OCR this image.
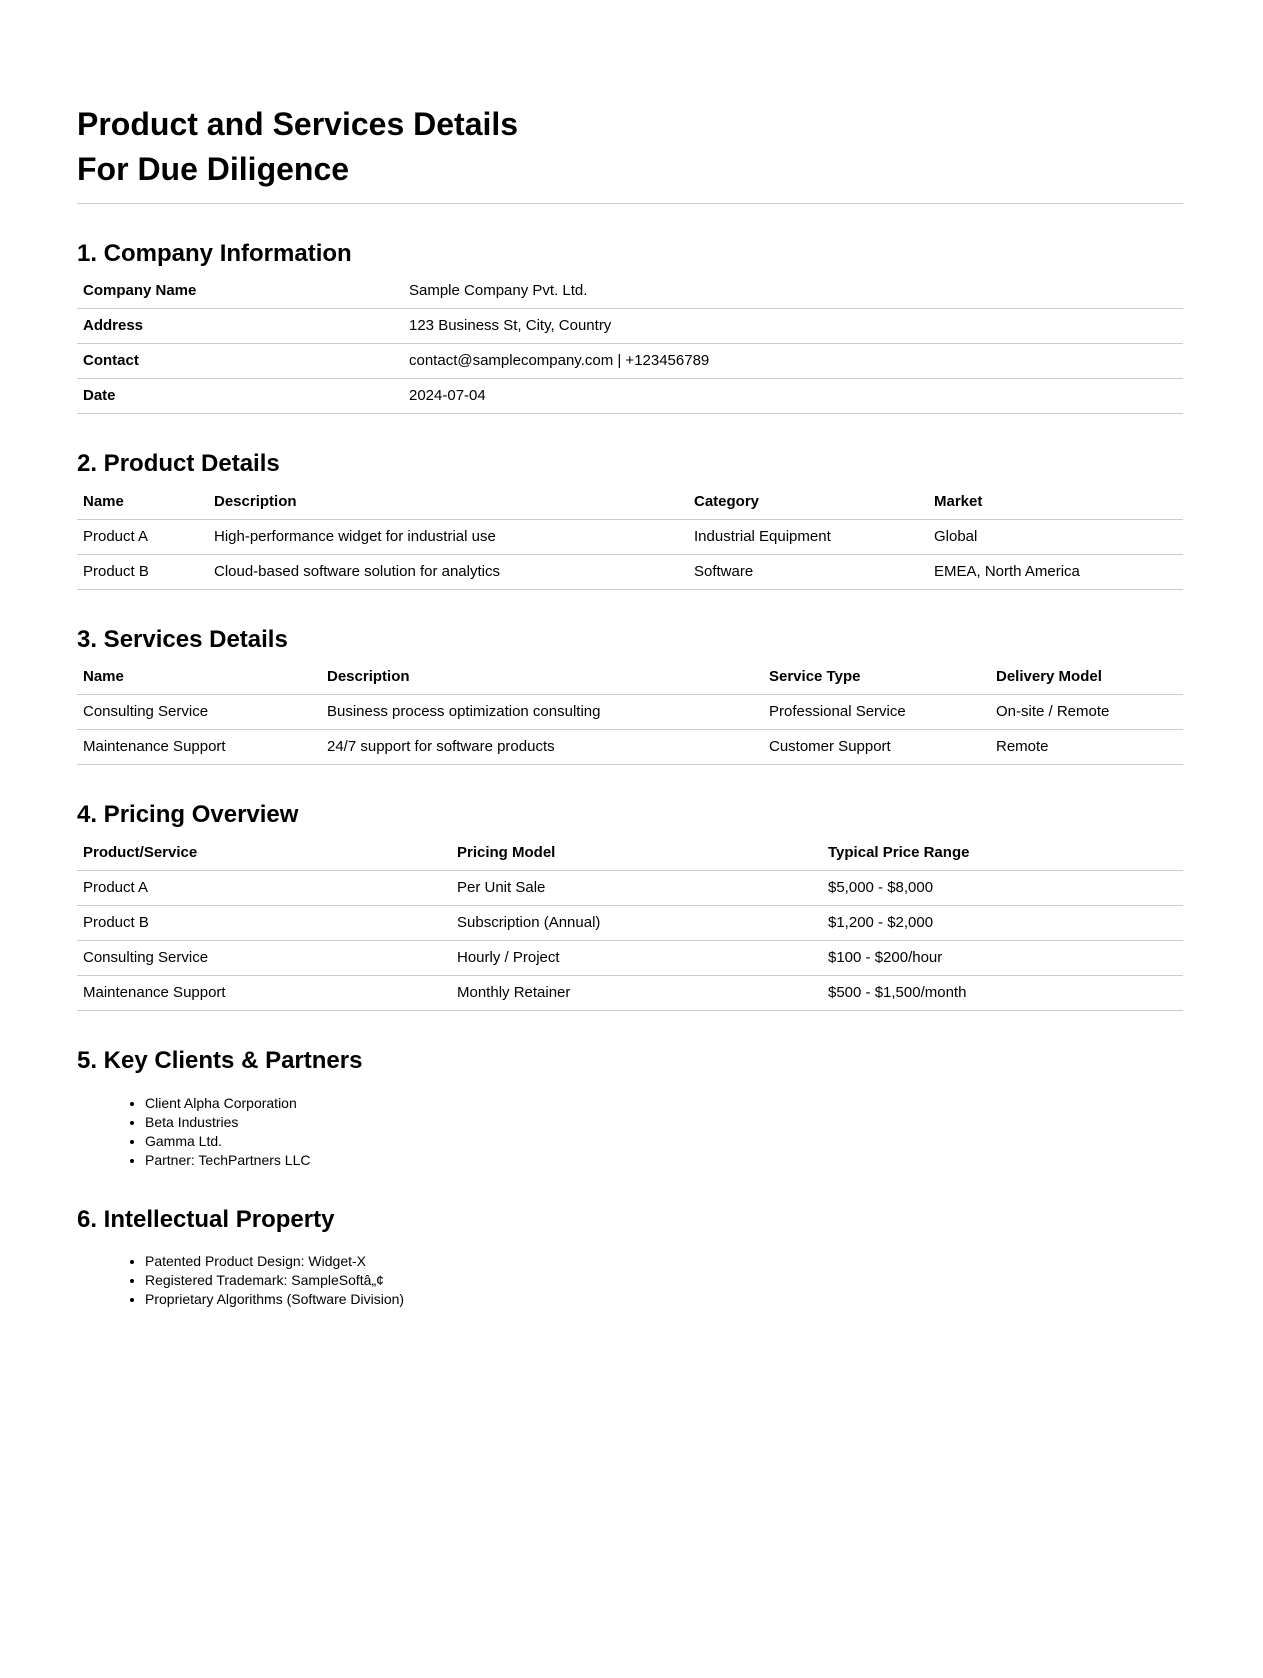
Product and Services Details
For Due Diligence
1. Company Information
Company Name	Sample Company Pvt. Ltd.
Address	123 Business St, City, Country
Contact	contact@samplecompany.com | +123456789
Date	2024-07-04
2. Product Details
Name	Description	Category	Market
Product A	High-performance widget for industrial use	Industrial Equipment	Global
Product B	Cloud-based software solution for analytics	Software	EMEA, North America
3. Services Details
Name	Description	Service Type	Delivery Model
Consulting Service	Business process optimization consulting	Professional Service	On-site / Remote
Maintenance Support	24/7 support for software products	Customer Support	Remote
4. Pricing Overview
Product/Service	Pricing Model	Typical Price Range
Product A	Per Unit Sale	$5,000 - $8,000
Product B	Subscription (Annual)	$1,200 - $2,000
Consulting Service	Hourly / Project	$100 - $200/hour
Maintenance Support	Monthly Retainer	$500 - $1,500/month
5. Key Clients & Partners
• Client Alpha Corporation
• Beta Industries
• Gamma Ltd.
• Partner: TechPartners LLC
6. Intellectual Property
• Patented Product Design: Widget-X
• Registered Trademark: SampleSoftâ„¢
• Proprietary Algorithms (Software Division)
